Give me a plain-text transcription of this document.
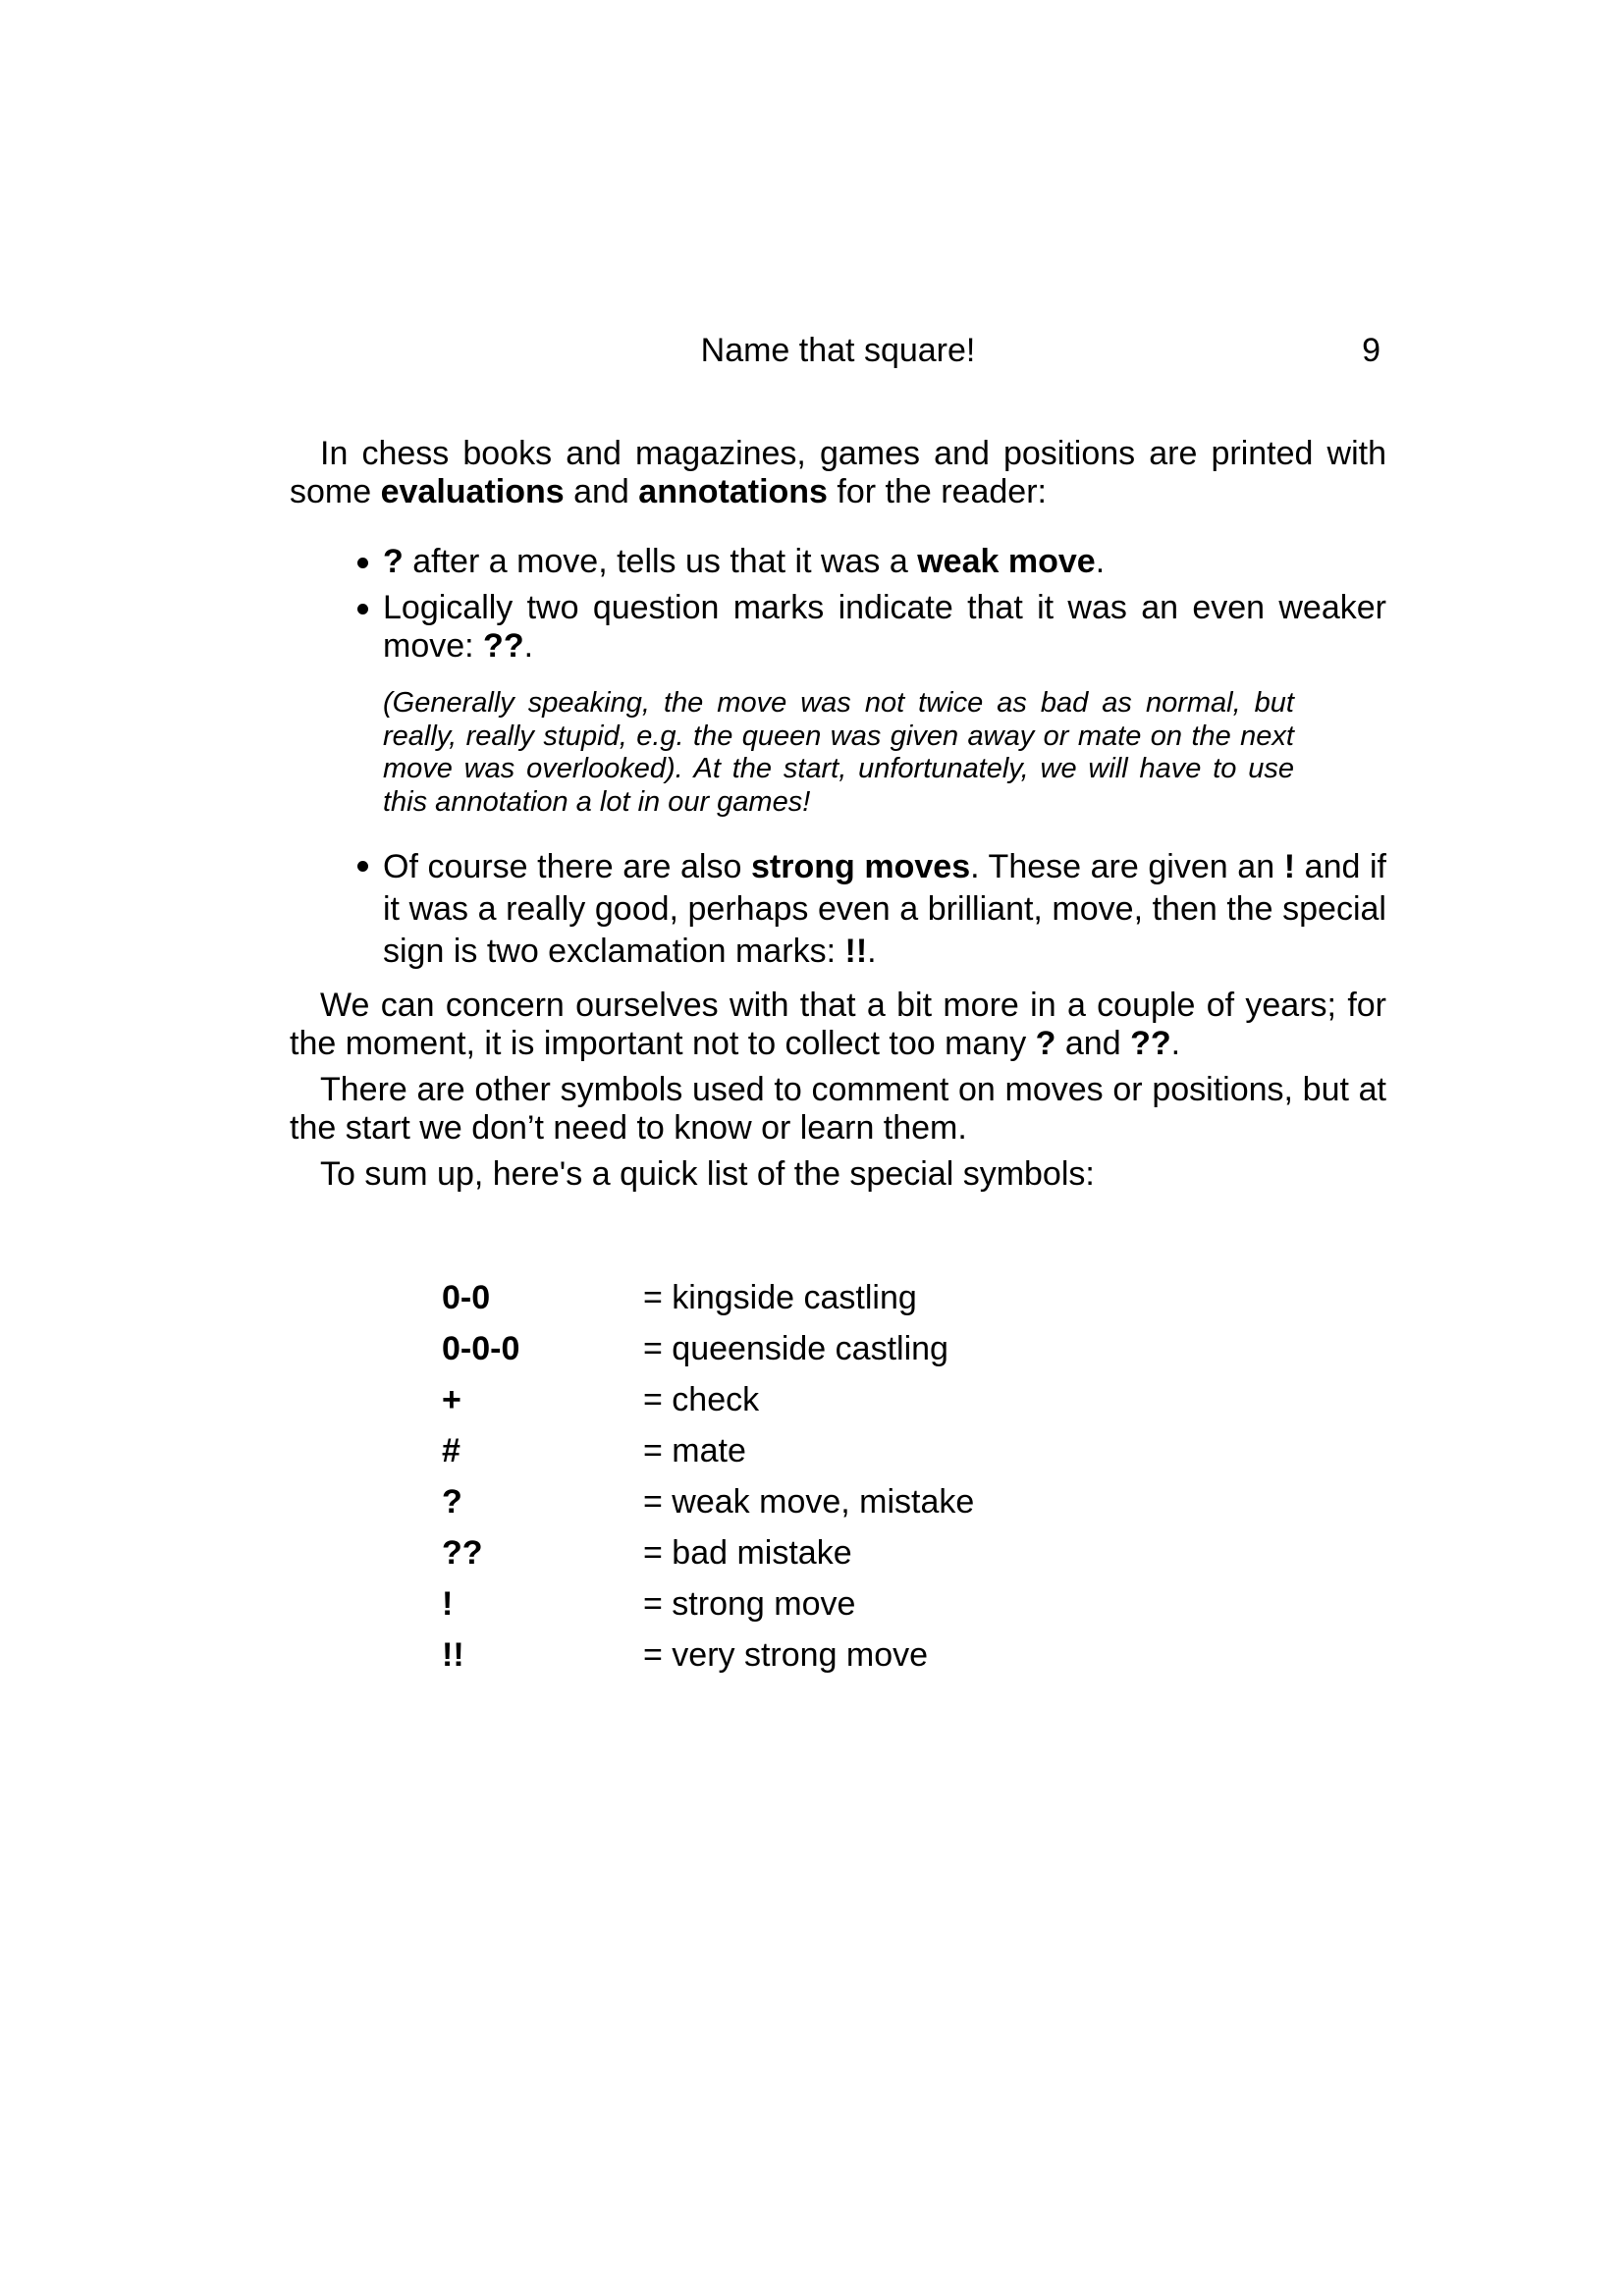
Name that square!	9

In chess books and magazines, games and positions are printed with some evaluations and annotations for the reader:

? after a move, tells us that it was a weak move.
Logically two question marks indicate that it was an even weaker move: ??.

(Generally speaking, the move was not twice as bad as normal, but really, really stupid, e.g. the queen was given away or mate on the next move was overlooked). At the start, unfortunately, we will have to use this annotation a lot in our games!

Of course there are also strong moves. These are given an ! and if it was a really good, perhaps even a brilliant, move, then the special sign is two exclamation marks: !!.

We can concern ourselves with that a bit more in a couple of years; for the moment, it is important not to collect too many ? and ??.

There are other symbols used to comment on moves or positions, but at the start we don’t need to know or learn them.

To sum up, here's a quick list of the special symbols:

0-0	= kingside castling
0-0-0	= queenside castling
+	= check
#	= mate
?	= weak move, mistake
??	= bad mistake
!	= strong move
!!	= very strong move
